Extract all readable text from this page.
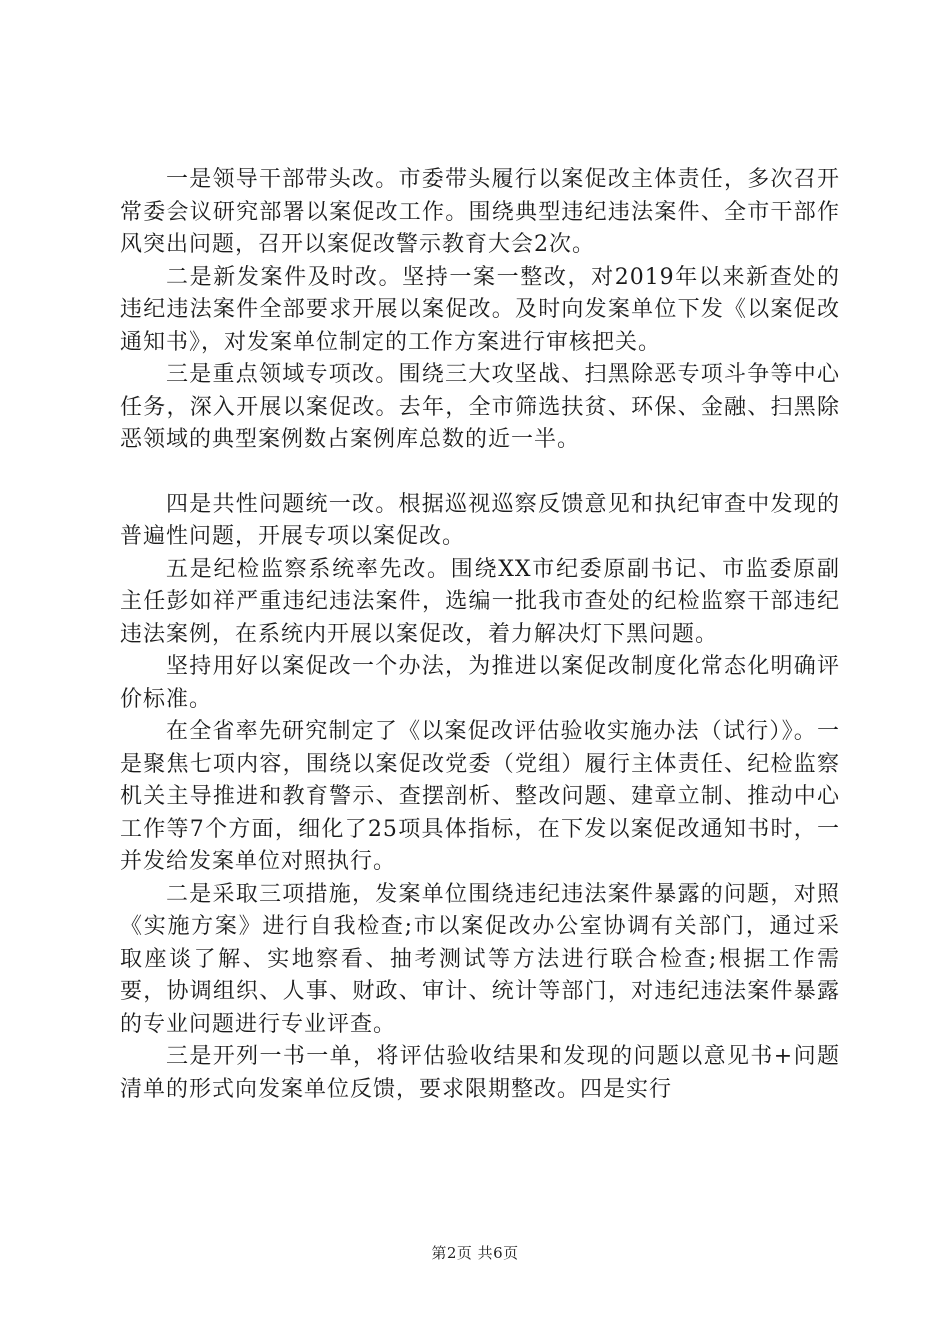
一是领导干部带头改。市委带头履行以案促改主体责任，多次召开常委会议研究部署以案促改工作。围绕典型违纪违法案件、全市干部作风突出问题，召开以案促改警示教育大会2次。

二是新发案件及时改。坚持一案一整改，对2019年以来新查处的违纪违法案件全部要求开展以案促改。及时向发案单位下发《以案促改通知书》，对发案单位制定的工作方案进行审核把关。

三是重点领域专项改。围绕三大攻坚战、扫黑除恶专项斗争等中心任务，深入开展以案促改。去年，全市筛选扶贫、环保、金融、扫黑除恶领域的典型案例数占案例库总数的近一半。

四是共性问题统一改。根据巡视巡察反馈意见和执纪审查中发现的普遍性问题，开展专项以案促改。

五是纪检监察系统率先改。围绕XX市纪委原副书记、市监委原副主任彭如祥严重违纪违法案件，选编一批我市查处的纪检监察干部违纪违法案例，在系统内开展以案促改，着力解决灯下黑问题。

坚持用好以案促改一个办法，为推进以案促改制度化常态化明确评价标准。

在全省率先研究制定了《以案促改评估验收实施办法（试行）》。一是聚焦七项内容，围绕以案促改党委（党组）履行主体责任、纪检监察机关主导推进和教育警示、查摆剖析、整改问题、建章立制、推动中心工作等7个方面，细化了25项具体指标，在下发以案促改通知书时，一并发给发案单位对照执行。

二是采取三项措施，发案单位围绕违纪违法案件暴露的问题，对照《实施方案》进行自我检查;市以案促改办公室协调有关部门，通过采取座谈了解、实地察看、抽考测试等方法进行联合检查;根据工作需要，协调组织、人事、财政、审计、统计等部门，对违纪违法案件暴露的专业问题进行专业评查。

三是开列一书一单，将评估验收结果和发现的问题以意见书+问题清单的形式向发案单位反馈，要求限期整改。四是实行

第2页 共6页
